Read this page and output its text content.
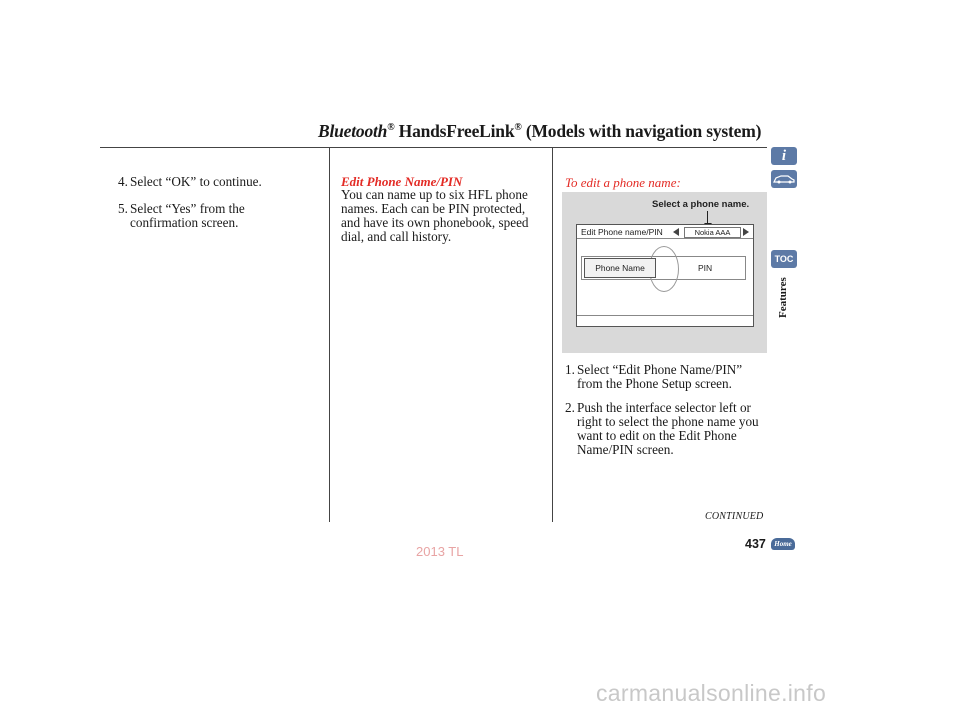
Bluetooth® HandsFreeLink® (Models with navigation system)
4. Select “OK” to continue.
5. Select “Yes” from the
confirmation screen.
Edit Phone Name/PIN
You can name up to six HFL phone
names. Each can be PIN protected,
and have its own phonebook, speed
dial, and call history.
To edit a phone name:
Select a phone name.
Edit Phone name/PIN	Nokia AAA
Phone Name	PIN
1. Select “Edit Phone Name/PIN”
from the Phone Setup screen.
2. Push the interface selector left or
right to select the phone name you
want to edit on the Edit Phone
Name/PIN screen.
CONTINUED
437	Home
2013 TL
carmanualsonline.info
i
TOC
Features
